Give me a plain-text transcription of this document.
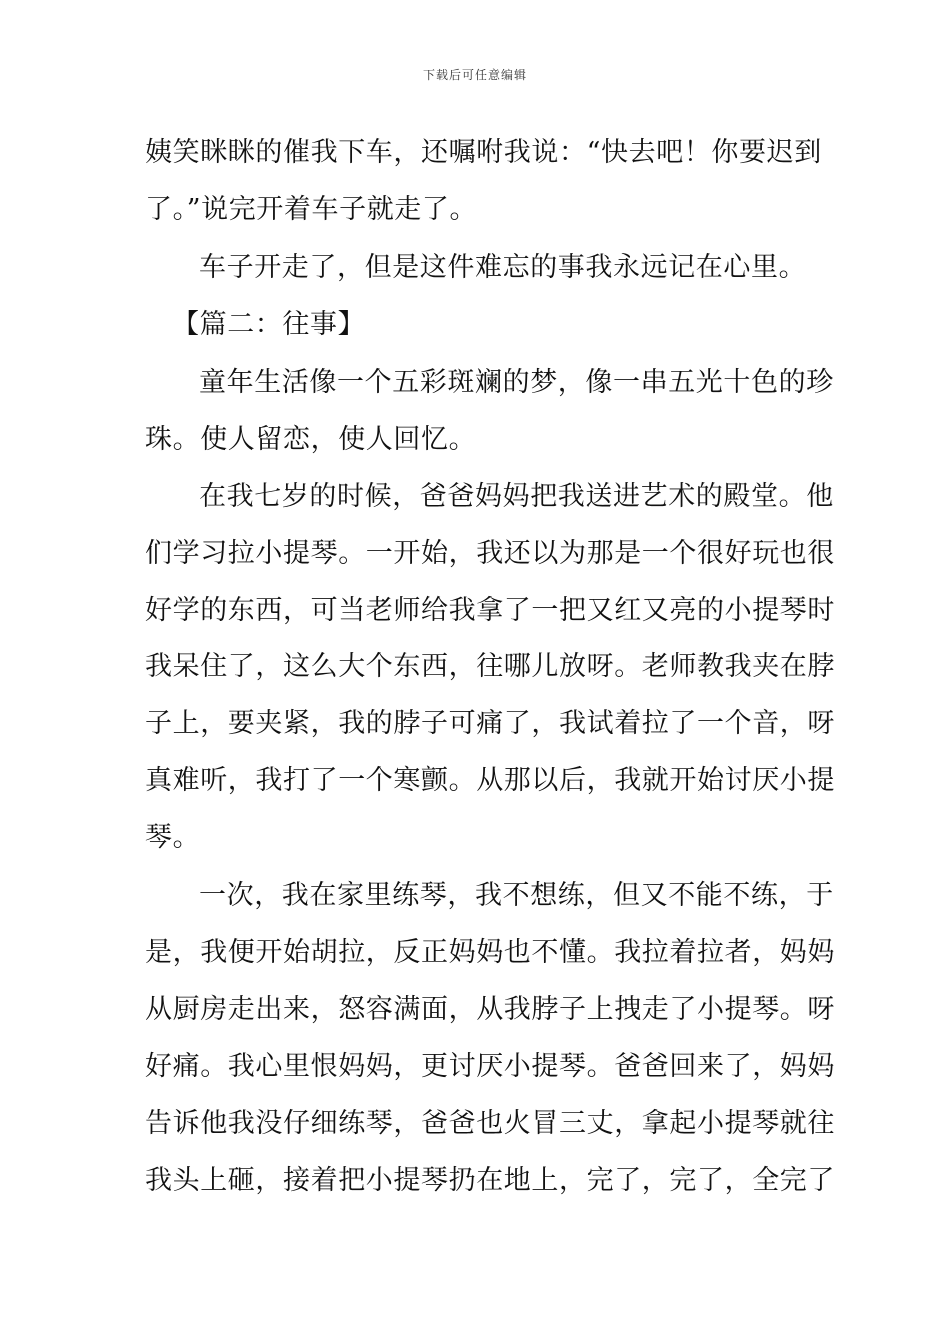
下载后可任意编辑
姨笑眯眯的催我下车，还嘱咐我说：“快去吧！你要迟到
了。”说完开着车子就走了。
车子开走了，但是这件难忘的事我永远记在心里。
【篇二：往事】
童年生活像一个五彩斑斓的梦，像一串五光十色的珍
珠。使人留恋，使人回忆。
在我七岁的时候，爸爸妈妈把我送进艺术的殿堂。他
们学习拉小提琴。一开始，我还以为那是一个很好玩也很
好学的东西，可当老师给我拿了一把又红又亮的小提琴时
我呆住了，这么大个东西，往哪儿放呀。老师教我夹在脖
子上，要夹紧，我的脖子可痛了，我试着拉了一个音，呀
真难听，我打了一个寒颤。从那以后，我就开始讨厌小提
琴。
一次，我在家里练琴，我不想练，但又不能不练，于
是，我便开始胡拉，反正妈妈也不懂。我拉着拉者，妈妈
从厨房走出来，怒容满面，从我脖子上拽走了小提琴。呀
好痛。我心里恨妈妈，更讨厌小提琴。爸爸回来了，妈妈
告诉他我没仔细练琴，爸爸也火冒三丈，拿起小提琴就往
我头上砸，接着把小提琴扔在地上，完了，完了，全完了
